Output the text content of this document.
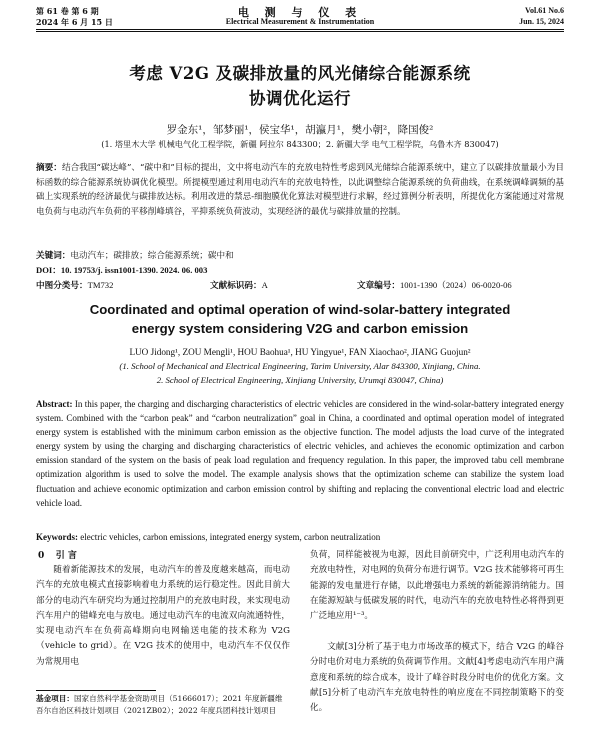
第 61 卷 第 6 期
2024 年 6 月 15 日
电 测 与 仪 表
Electrical Measurement & Instrumentation
Vol.61 No.6
Jun. 15, 2024
考虑 V2G 及碳排放量的风光储综合能源系统
协调优化运行
罗金东¹，邹梦丽¹，侯宝华¹，胡瀛月¹，樊小朝²，降国俊²
(1. 塔里木大学 机械电气化工程学院，新疆 阿拉尔 843300；2. 新疆大学 电气工程学院，乌鲁木齐 830047)
摘要：结合我国“碳达峰”、“碳中和”目标的提出，文中将电动汽车的充放电特性考虑到风光储综合能源系统中，建立了以碳排放量最小为目标函数的综合能源系统协调优化模型。所提模型通过利用电动汽车的充放电特性，以此调整综合能源系统的负荷曲线，在系统调峰调频的基础上实现系统的经济最优与碳排放达标。利用改进的禁忌-细胞膜优化算法对模型进行求解，经过算例分析表明，所提优化方案能通过对常规电负荷与电动汽车负荷的平移削峰填谷，平抑系统负荷波动，实现经济的最优与碳排放量的控制。
关键词：电动汽车；碳排放；综合能源系统；碳中和
DOI：10. 19753/j. issn1001-1390. 2024. 06. 003
中图分类号：TM732	文献标识码：A	文章编号：1001-1390（2024）06-0020-06
Coordinated and optimal operation of wind-solar-battery integrated
energy system considering V2G and carbon emission
LUO Jidong¹, ZOU Mengli¹, HOU Baohua¹, HU Yingyue¹, FAN Xiaochao², JIANG Guojun²
(1. School of Mechanical and Electrical Engineering, Tarim University, Alar 843300, Xinjiang, China.
2. School of Electrical Engineering, Xinjiang University, Urumqi 830047, China)
Abstract: In this paper, the charging and discharging characteristics of electric vehicles are considered in the wind-solar-battery integrated energy system. Combined with the “carbon peak” and “carbon neutralization” goal in China, a coordinated and optimal operation model of integrated energy system is established with the minimum carbon emission as the objective function. The model adjusts the load curve of the integrated energy system by using the charging and discharging characteristics of electric vehicles, and achieves the economic optimization and carbon emission standard of the system on the basis of peak load regulation and frequency regulation. In this paper, the improved tabu cell membrane optimization algorithm is used to solve the model. The example analysis shows that the optimization scheme can stabilize the system load fluctuation and achieve economic optimization and carbon emission control by shifting and replacing the conventional electric load and electric vehicle load.
Keywords: electric vehicles, carbon emissions, integrated energy system, carbon neutralization
0 引 言
随着新能源技术的发展，电动汽车的普及度越来越高，而电动汽车的充放电模式直接影响着电力系统的运行稳定性。因此目前大部分的电动汽车研究均为通过控制用户的充放电时段，来实现电动汽车用户的错峰充电与放电。通过电动汽车的电流双向流通特性，实现电动汽车在负荷高峰期向电网输送电能的技术称为 V2G（vehicle to grid）。在 V2G 技术的使用中，电动汽车不仅仅作为常规用电
基金项目：国家自然科学基金资助项目（51666017）；2021 年度新疆维吾尔自治区科技计划项目（2021ZB02）；2022 年度兵团科技计划项目
负荷，同样能被视为电源，因此目前研究中，广泛利用电动汽车的充放电特性，对电网的负荷分布进行调节。V2G 技术能够将可再生能源的发电量进行存储，以此增强电力系统的新能源消纳能力。国在能源短缺与低碳发展的时代，电动汽车的充放电特性必将得到更广泛地应用¹⁻³。
文献[3]分析了基于电力市场改革的模式下，结合 V2G 的峰谷分时电价对电力系统的负荷调节作用。文献[4]考虑电动汽车用户满意度和系统的综合成本，设计了峰谷时段分时电价的优化方案。文献[5]分析了电动汽车充放电特性的响应度在不同控制策略下的变化。
